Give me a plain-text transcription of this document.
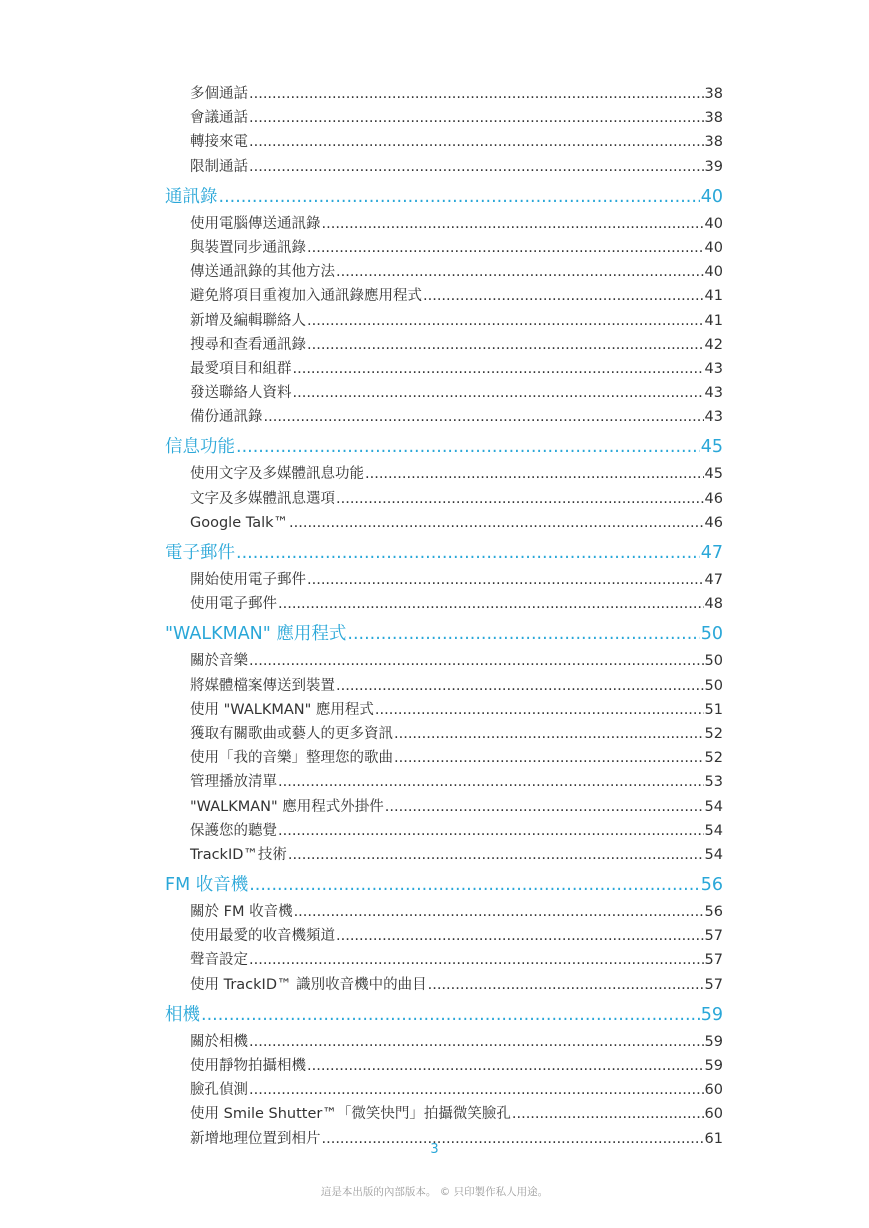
多個通話 .....	38
會議通話 .....	38
轉接來電 .....	38
限制通話 .....	39
通訊錄 .....	40
使用電腦傳送通訊錄 .....	40
與裝置同步通訊錄 .....	40
傳送通訊錄的其他方法 .....	40
避免將項目重複加入通訊錄應用程式 .....	41
新增及編輯聯絡人 .....	41
搜尋和查看通訊錄 .....	42
最愛項目和組群 .....	43
發送聯絡人資料 .....	43
備份通訊錄 .....	43
信息功能 .....	45
使用文字及多媒體訊息功能 .....	45
文字及多媒體訊息選項 .....	46
Google Talk™ .....	46
電子郵件 .....	47
開始使用電子郵件 .....	47
使用電子郵件 .....	48
"WALKMAN" 應用程式 .....	50
關於音樂 .....	50
將媒體檔案傳送到裝置 .....	50
使用 "WALKMAN" 應用程式 .....	51
獲取有關歌曲或藝人的更多資訊 .....	52
使用「我的音樂」整理您的歌曲 .....	52
管理播放清單 .....	53
"WALKMAN" 應用程式外掛件 .....	54
保護您的聽覺 .....	54
TrackID™技術 .....	54
FM 收音機 .....	56
關於 FM 收音機 .....	56
使用最愛的收音機頻道 .....	57
聲音設定 .....	57
使用 TrackID™ 識別收音機中的曲目 .....	57
相機 .....	59
關於相機 .....	59
使用靜物拍攝相機 .....	59
臉孔偵測 .....	60
使用 Smile Shutter™「微笑快門」拍攝微笑臉孔 .....	60
新增地理位置到相片 .....	61
3
這是本出版的內部版本。 © 只印製作私人用途。
